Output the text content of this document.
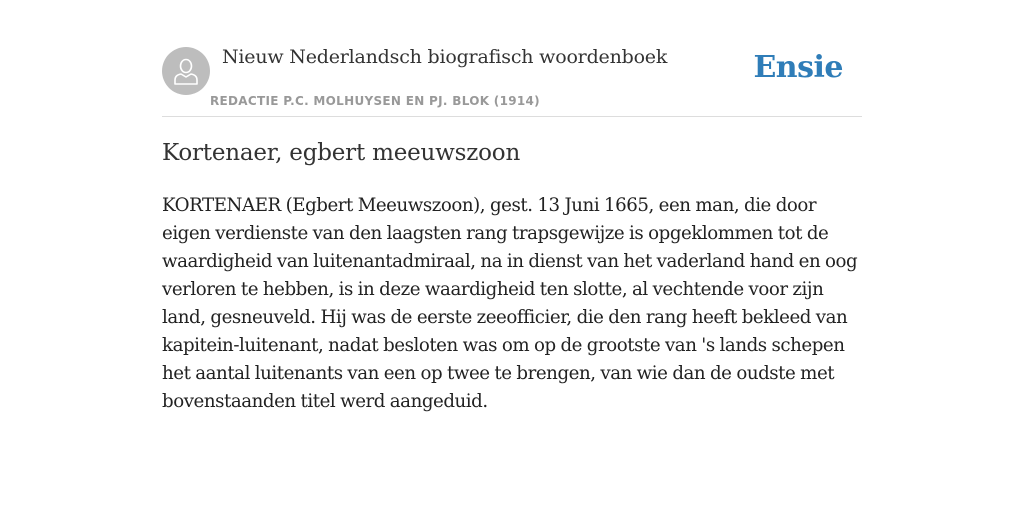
Nieuw Nederlandsch biografisch woordenboek
REDACTIE P.C. MOLHUYSEN EN PJ. BLOK (1914)
Ensie
Kortenaer, egbert meeuwszoon

KORTENAER (Egbert Meeuwszoon), gest. 13 Juni 1665, een man, die door eigen verdienste van den laagsten rang trapsgewijze is opgeklommen tot de waardigheid van luitenantadmiraal, na in dienst van het vaderland hand en oog verloren te hebben, is in deze waardigheid ten slotte, al vechtende voor zijn land, gesneuveld. Hij was de eerste zeeofficier, die den rang heeft bekleed van kapitein-luitenant, nadat besloten was om op de grootste van 's lands schepen het aantal luitenants van een op twee te brengen, van wie dan de oudste met bovenstaanden titel werd aangeduid.
